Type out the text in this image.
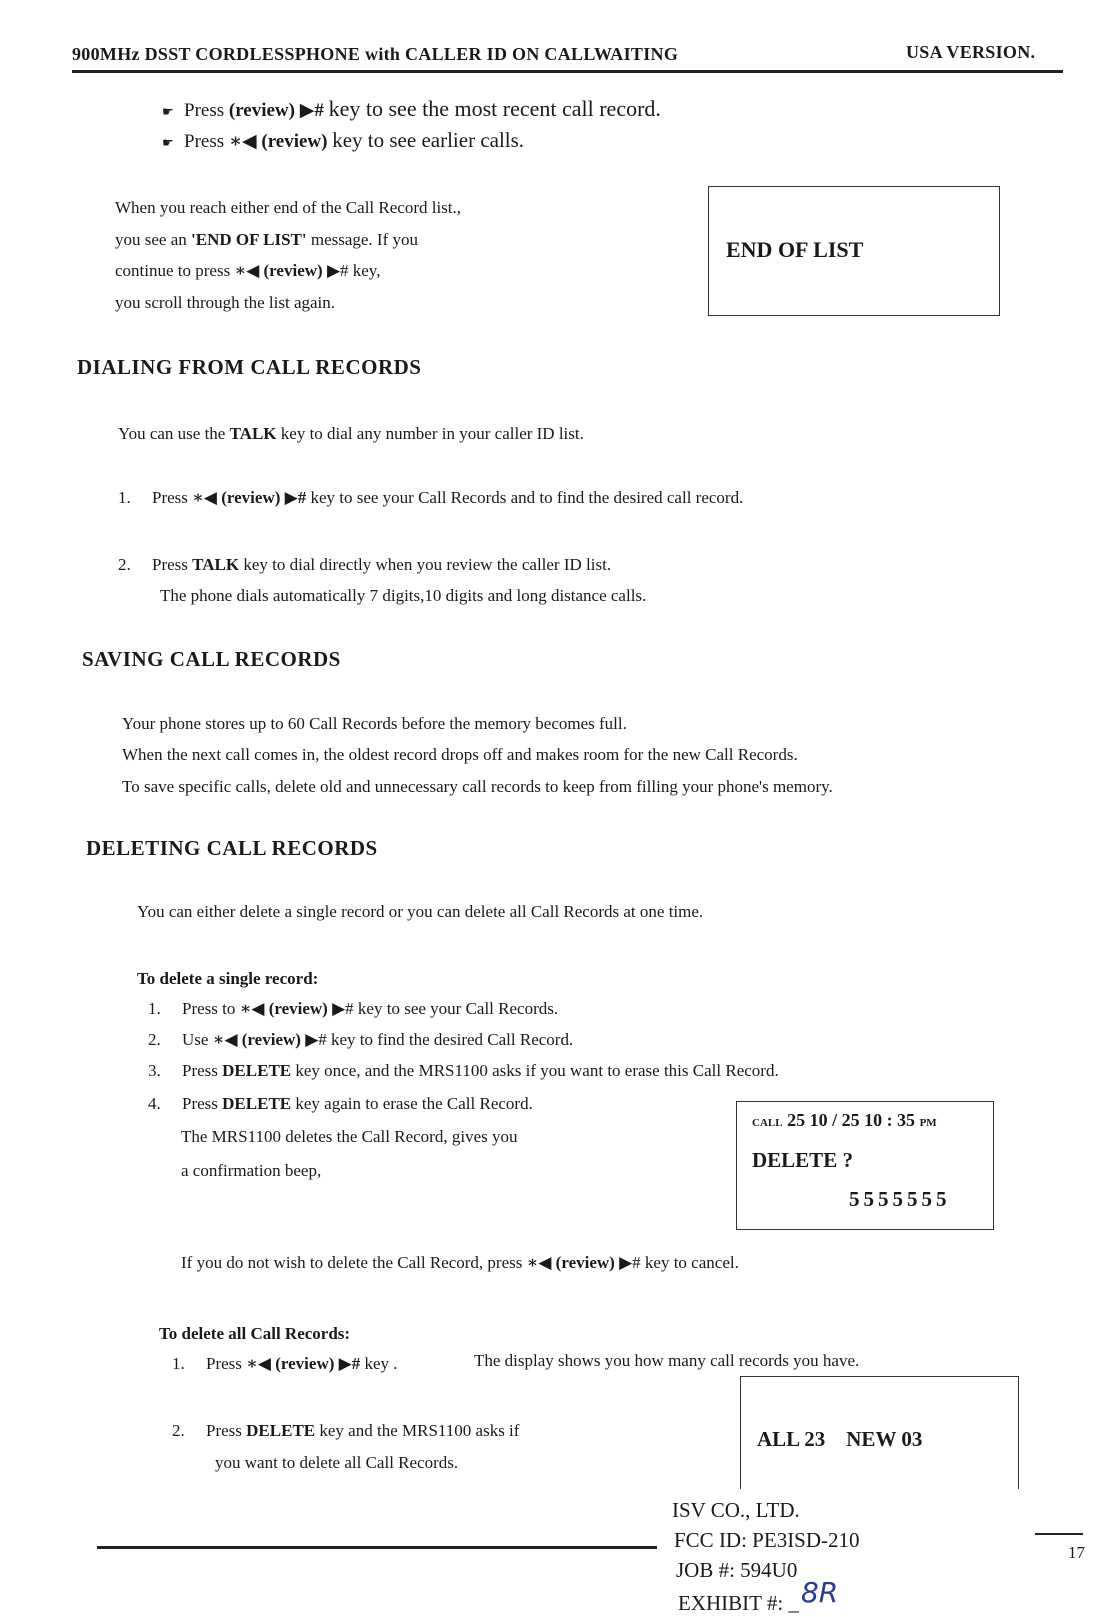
900MHz DSST CORDLESSPHONE with CALLER ID ON CALLWAITING	USA VERSION.
☛ Press (review) ▶# key to see the most recent call record.
☛ Press ∗◀ (review) key to see earlier calls.
When you reach either end of the Call Record list.,
you see an 'END OF LIST' message. If you
continue to press ∗◀ (review) ▶# key,
you scroll through the list again.
END OF LIST
DIALING FROM CALL RECORDS
You can use the TALK key to dial any number in your caller ID list.
1. Press ∗◀ (review) ▶# key to see your Call Records and to find the desired call record.
2. Press TALK key to dial directly when you review the caller ID list.
The phone dials automatically 7 digits,10 digits and long distance calls.
SAVING CALL RECORDS
Your phone stores up to 60 Call Records before the memory becomes full.
When the next call comes in, the oldest record drops off and makes room for the new Call Records.
To save specific calls, delete old and unnecessary call records to keep from filling your phone's memory.
DELETING CALL RECORDS
You can either delete a single record or you can delete all Call Records at one time.
To delete a single record:
1. Press to ∗◀ (review) ▶# key to see your Call Records.
2. Use ∗◀ (review) ▶# key to find the desired Call Record.
3. Press DELETE key once, and the MRS1100 asks if you want to erase this Call Record.
4. Press DELETE key again to erase the Call Record.
The MRS1100 deletes the Call Record, gives you
a confirmation beep,
CALL 25 10 / 25 10 : 35 PM
DELETE ?
5555555
If you do not wish to delete the Call Record, press ∗◀ (review) ▶# key to cancel.
To delete all Call Records:
1. Press ∗◀ (review) ▶# key .	The display shows you how many call records you have.
2. Press DELETE key and the MRS1100 asks if
you want to delete all Call Records.
ALL 23    NEW 03
ISV CO., LTD.
FCC ID: PE3ISD-210
JOB #: 594U0
EXHIBIT #: _8R
17
